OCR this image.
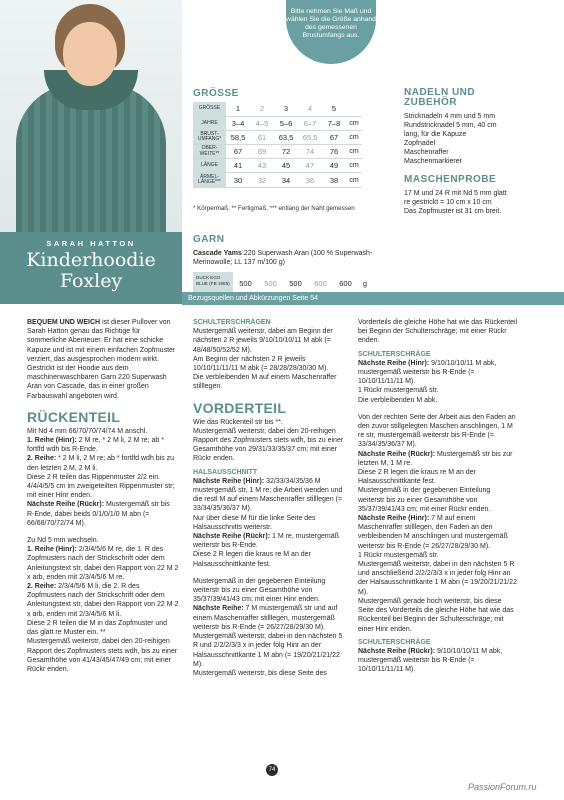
SARAH HATTON
Kinderhoodie
Foxley
Bitte nehmen Sie Maß und wählen Sie die Größe anhand des gemessenen Brustumfangs aus.
GRÖSSE
GRÖSSE	1	2	3	4	5	
JAHRE	3–4	4–5	5–6	6–7	7–8	cm
BRUST-UMFANG*	58,5	61	63,5	65,5	67	cm
OBER-WEITE**	67	69	72	74	76	cm
LÄNGE	41	43	45	47	49	cm
ÄRMEL-LÄNGE***	30	32	34	36	38	cm
* Körpermaß, ** Fertigmaß, *** entlang der Naht gemessen
GARN
Cascade Yams 220 Superwash Aran (100 % Superwash-Merinowolle; LL 137 m/100 g)
DUCK EGG BLUE (FB 1985)	500	500	500	600	600	g
NADELN UND
ZUBEHÖR
Stricknadeln 4 mm und 5 mm
Rundstricknadel 5 mm, 40 cm
lang, für die Kapuze
Zopfnadel
Maschenraffer
Maschenmarkierer
MASCHENPROBE
17 M und 24 R mit Nd 5 mm glatt
re gestrickt = 10 cm x 10 cm
Das Zopfmuster ist 31 cm breit.
Bezugsquellen und Abkürzungen Seite 54

BEQUEM UND WEICH ist dieser Pullover von Sarah Hatton genau das Richtige für sommerliche Abenteuer. Er hat eine schicke Kapuze und ist mit einem einfachen Zopfmuster verziert, das ausgesprochen modern wirkt. Gestrickt ist der Hoodie aus dem maschinenwaschbaren Garn 220 Superwash Aran von Cascade, das in einer großen Farbauswahl angeboten wird.

RÜCKENTEIL

Mit Nd 4 mm 66/70/70/74/74 M anschl.

1. Reihe (Hinr): 2 M re, * 2 M li, 2 M re; ab * fortlfd wdh bis R-Ende.

2. Reihe: * 2 M li, 2 M re; ab * fortlfd wdh bis zu den letzten 2 M, 2 M li.

Diese 2 R teilen das Rippenmuster 2/2 ein. 4/4/4/5/5 cm im zweigeteilten Rippenmuster str; mit einer Hinr enden.

Nächste Reihe (Rückr): Mustergemäß str bis R-Ende, dabei beids 0/1/0/1/0 M abn (= 66/68/70/72/74 M).

Zu Nd 5 mm wechseln.

1. Reihe (Hinr): 2/3/4/5/6 M re, die 1. R des Zopfmusters nach der Strickschrift oder dem Anleitungstext str, dabei den Rapport von 22 M 2 x arb, enden mit 2/3/4/5/6 M re.

2. Reihe: 2/3/4/5/6 M li, die 2. R des Zopfmusters nach der Strickschrift oder dem Anleitungstext str, dabei den Rapport von 22 M 2 x arb, enden mit 2/3/4/5/6 M li.

Diese 2 R teilen die M in das Zopfmuster und das glatt re Muster ein. **

Mustergemäß weiterstr, dabei den 20-reihigen Rapport des Zopfmusters stets wdh, bis zu einer Gesamthöhe von 41/43/45/47/49 cm; mit einer Rückr enden.

SCHULTERSCHRÄGEN

Mustergemäß weiterstr, dabei am Beginn der nächsten 2 R jeweils 9/10/10/10/11 M abk (= 48/48/50/52/52 M).

Am Beginn der nächsten 2 R jeweils 10/10/11/11/11 M abk (= 28/28/28/30/30 M).

Die verbleibenden M auf einem Maschenraffer stilllegen.

VORDERTEIL

Wie das Rückenteil str bis **.

Mustergemäß weiterstr, dabei den 20-reihigen Rapport des Zopfmusters stets wdh, bis zu einer Gesamthöhe von 29/31/33/35/37 cm; mit einer Rückr enden.

HALSAUSSCHNITT

Nächste Reihe (Hinr): 32/33/34/35/36 M mustergemäß str, 1 M re; die Arbeit wenden und die restl M auf einem Maschenraffer stilllegen (= 33/34/35/36/37 M).

Nur über diese M für die linke Seite des Halsausschnitts weiterstr.

Nächste Reihe (Rückr): 1 M re, mustergemäß weiterstr bis R-Ende.

Diese 2 R legen die kraus re M an der Halsausschnittkante fest.

Mustergemäß in der gegebenen Einteilung weiterstr bis zu einer Gesamthöhe von 35/37/39/41/43 cm; mit einer Hinr enden.

Nächste Reihe: 7 M mustergemäß str und auf einem Maschenraffer stilllegen, mustergemäß weiterstr bis R-Ende (= 26/27/28/29/30 M).

Mustergemäß weiterstr, dabei in den nächsten 5 R und 2/2/2/3/3 x in jeder folg Hinr an der Halsausschnittkante 1 M abn (= 19/20/21/21/22 M).

Mustergemäß weiterstr, bis diese Seite des

Vorderteils die gleiche Höhe hat wie das Rückenteil bei Beginn der Schulterschräge; mit einer Rückr enden.

SCHULTERSCHRÄGE

Nächste Reihe (Hinr): 9/10/10/10/11 M abk, mustergemäß weiterstr bis R-Ende (= 10/10/11/11/11 M).

1 Rückr mustergemäß str.

Die verbleibenden M abk.

Von der rechten Seite der Arbeit aus den Faden an den zuvor stillgelegten Maschen anschlingen, 1 M re str, mustergemäß weiterstr bis R-Ende (= 33/34/35/36/37 M).

Nächste Reihe (Rückr): Mustergemäß str bis zur letzten M, 1 M re.

Diese 2 R legen die kraus re M an der Halsausschnittkante fest.

Mustergemäß in der gegebenen Einteilung weiterstr bis zu einer Gesamthöhe von 35/37/39/41/43 cm; mit einer Rückr enden.

Nächste Reihe (Hinr): 7 M auf einem Maschenraffer stilllegen, den Faden an den verbleibenden M anschlingen und mustergemäß weiterstr bis R-Ende (= 26/27/28/29/30 M).

1 Rückr mustergemäß str.

Mustergemäß weiterstr, dabei in den nächsten 5 R und anschließend 2/2/2/3/3 x in jeder folg Hinr an der Halsausschnittkante 1 M abn (= 19/20/21/21/22 M).

Mustergemäß gerade hoch weiterstr, bis diese Seite des Vorderteils die gleiche Höhe hat wie das Rückenteil bei Beginn der Schulterschräge; mit einer Hinr enden.

SCHULTERSCHRÄGE

Nächste Reihe (Rückr): 9/10/10/10/11 M abk, mustergemäß weiterstr bis R-Ende (= 10/10/11/11/11 M).

74
PassionForum.ru
